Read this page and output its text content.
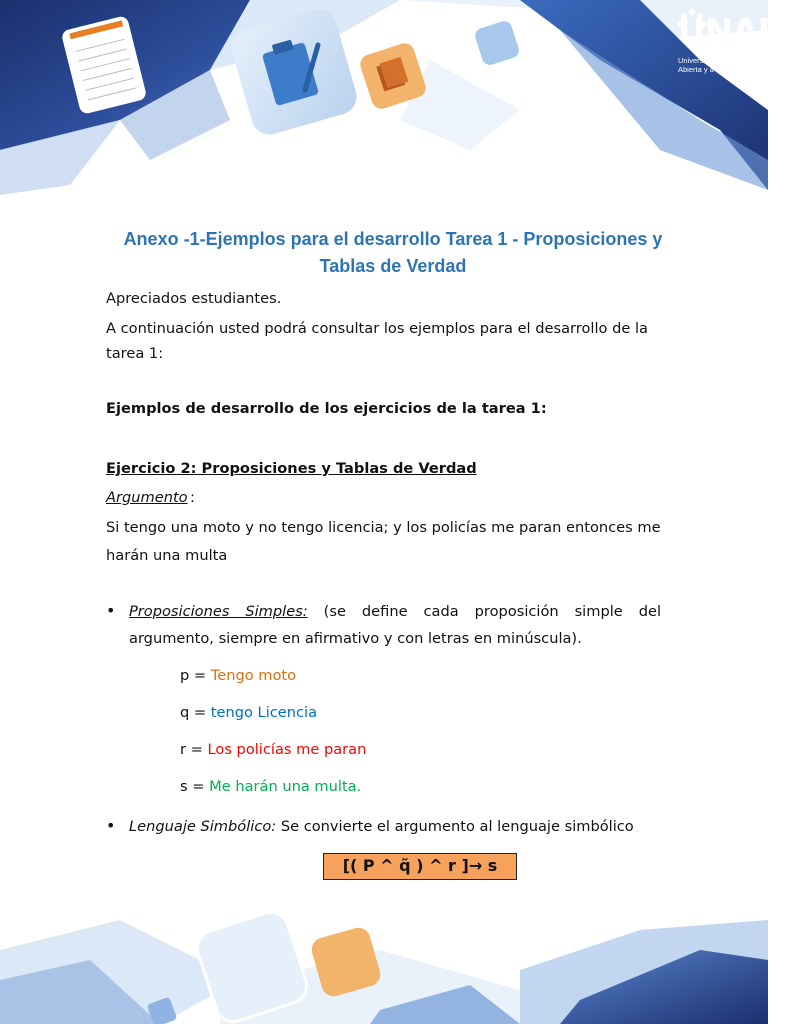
UNAD
Universidad Nacional
Abierta y a Distancia
Anexo -1-Ejemplos para el desarrollo Tarea 1 - Proposiciones y Tablas de Verdad
Apreciados estudiantes.
A continuación usted podrá consultar los ejemplos para el desarrollo de la tarea 1:
Ejemplos de desarrollo de los ejercicios de la tarea 1:
Ejercicio 2: Proposiciones y Tablas de Verdad
Argumento :
Si tengo una moto y no tengo licencia; y los policías me paran entonces me harán una multa
• Proposiciones Simples: (se define cada proposición simple del argumento, siempre en afirmativo y con letras en minúscula).
p = Tengo moto
q = tengo Licencia
r = Los policías me paran
s = Me harán una multa.
• Lenguaje Simbólico: Se convierte el argumento al lenguaje simbólico
[( P ^ q̃ ) ^ r ]→ s
